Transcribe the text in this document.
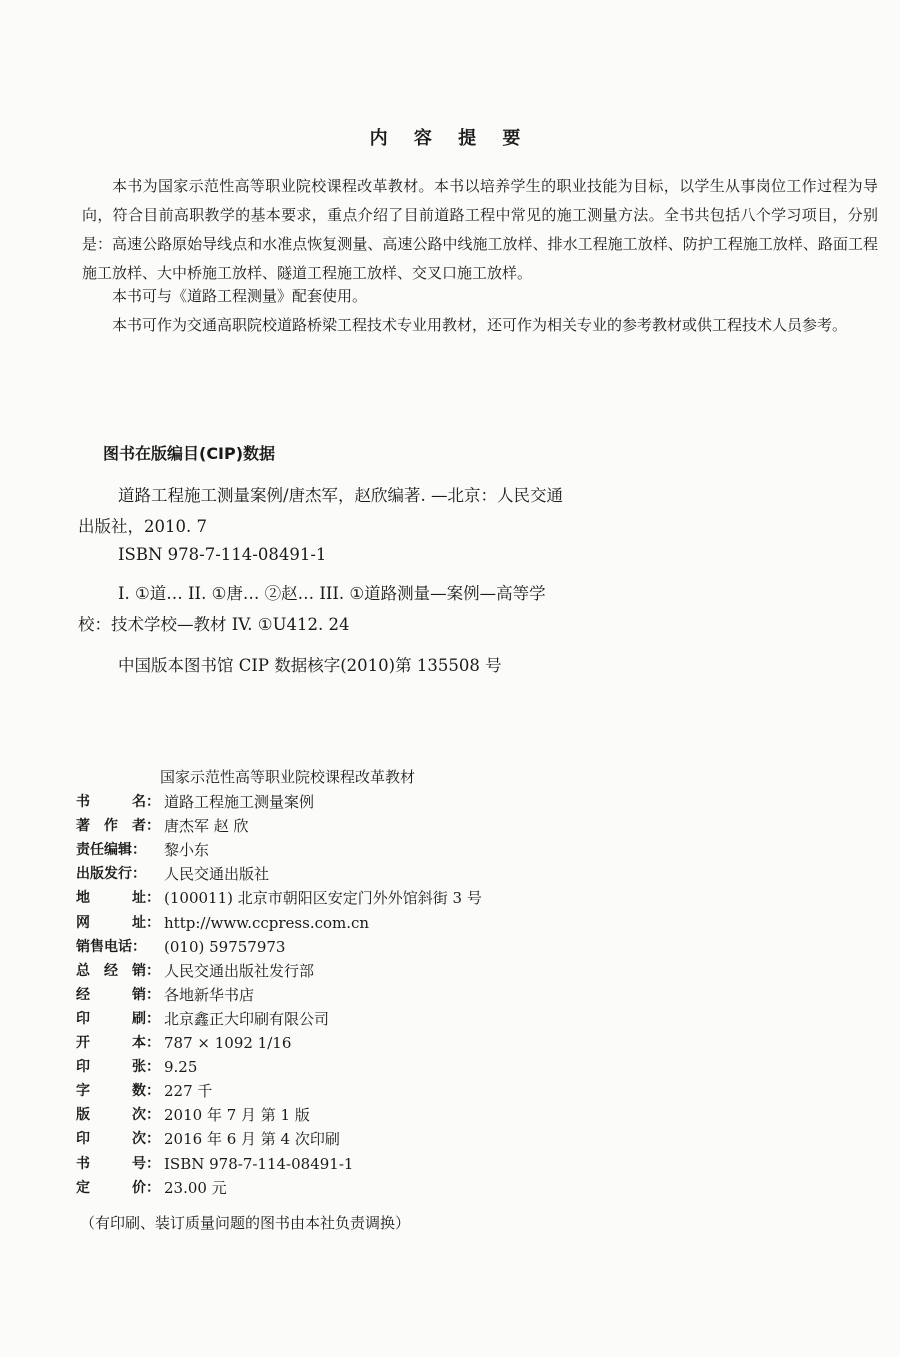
内 容 提 要
本书为国家示范性高等职业院校课程改革教材。本书以培养学生的职业技能为目标，以学生从事岗位工作过程为导向，符合目前高职教学的基本要求，重点介绍了目前道路工程中常见的施工测量方法。全书共包括八个学习项目，分别是：高速公路原始导线点和水准点恢复测量、高速公路中线施工放样、排水工程施工放样、防护工程施工放样、路面工程施工放样、大中桥施工放样、隧道工程施工放样、交叉口施工放样。
本书可与《道路工程测量》配套使用。
本书可作为交通高职院校道路桥梁工程技术专业用教材，还可作为相关专业的参考教材或供工程技术人员参考。
图书在版编目(CIP)数据
道路工程施工测量案例/唐杰军，赵欣编著. —北京：人民交通出版社，2010. 7
ISBN 978-7-114-08491-1
I. ①道… II. ①唐… ②赵… III. ①道路测量—案例—高等学校：技术学校—教材 IV. ①U412. 24
中国版本图书馆 CIP 数据核字(2010)第 135508 号
国家示范性高等职业院校课程改革教材
书	名： 道路工程施工测量案例
著 作 者： 唐杰军 赵 欣
责任编辑： 黎小东
出版发行： 人民交通出版社
地	址： (100011) 北京市朝阳区安定门外外馆斜街 3 号
网	址： http://www.ccpress.com.cn
销售电话： (010) 59757973
总 经 销： 人民交通出版社发行部
经	销： 各地新华书店
印	刷： 北京鑫正大印刷有限公司
开	本： 787 × 1092 1/16
印	张： 9.25
字	数： 227 千
版	次： 2010 年 7 月 第 1 版
印	次： 2016 年 6 月 第 4 次印刷
书	号： ISBN 978-7-114-08491-1
定	价： 23.00 元
（有印刷、装订质量问题的图书由本社负责调换）
